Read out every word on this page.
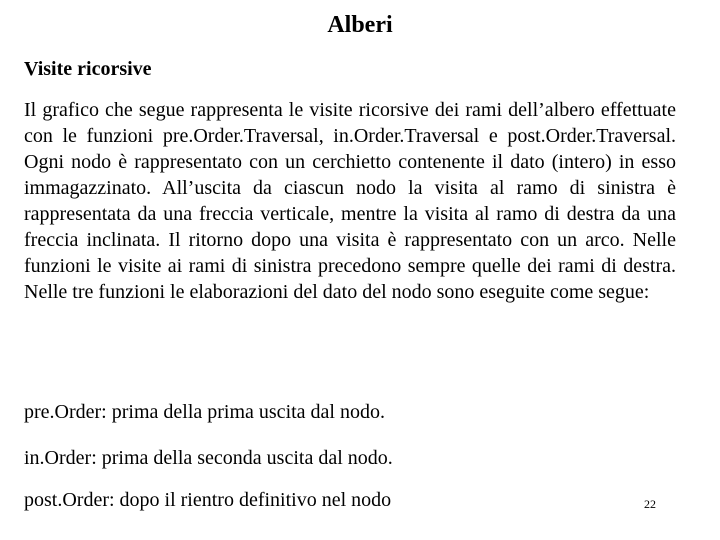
Alberi
Visite ricorsive

Il grafico che segue rappresenta le visite ricorsive dei rami dell’albero effettuate con le funzioni pre.Order.Traversal, in.Order.Traversal e post.Order.Traversal. Ogni nodo è rappresentato con un cerchietto contenente il dato (intero) in esso immagazzinato. All’uscita da ciascun nodo la visita al ramo di sinistra è rappresentata da una freccia verticale, mentre la visita al ramo di destra da una freccia inclinata. Il ritorno dopo una visita è rappresentato con un arco. Nelle funzioni le visite ai rami di sinistra precedono sempre quelle dei rami di destra. Nelle tre funzioni le elaborazioni del dato del nodo sono eseguite come segue:

pre.Order: prima della prima uscita dal nodo.

in.Order: prima della seconda uscita dal nodo.

post.Order: dopo il rientro definitivo nel nodo	22
